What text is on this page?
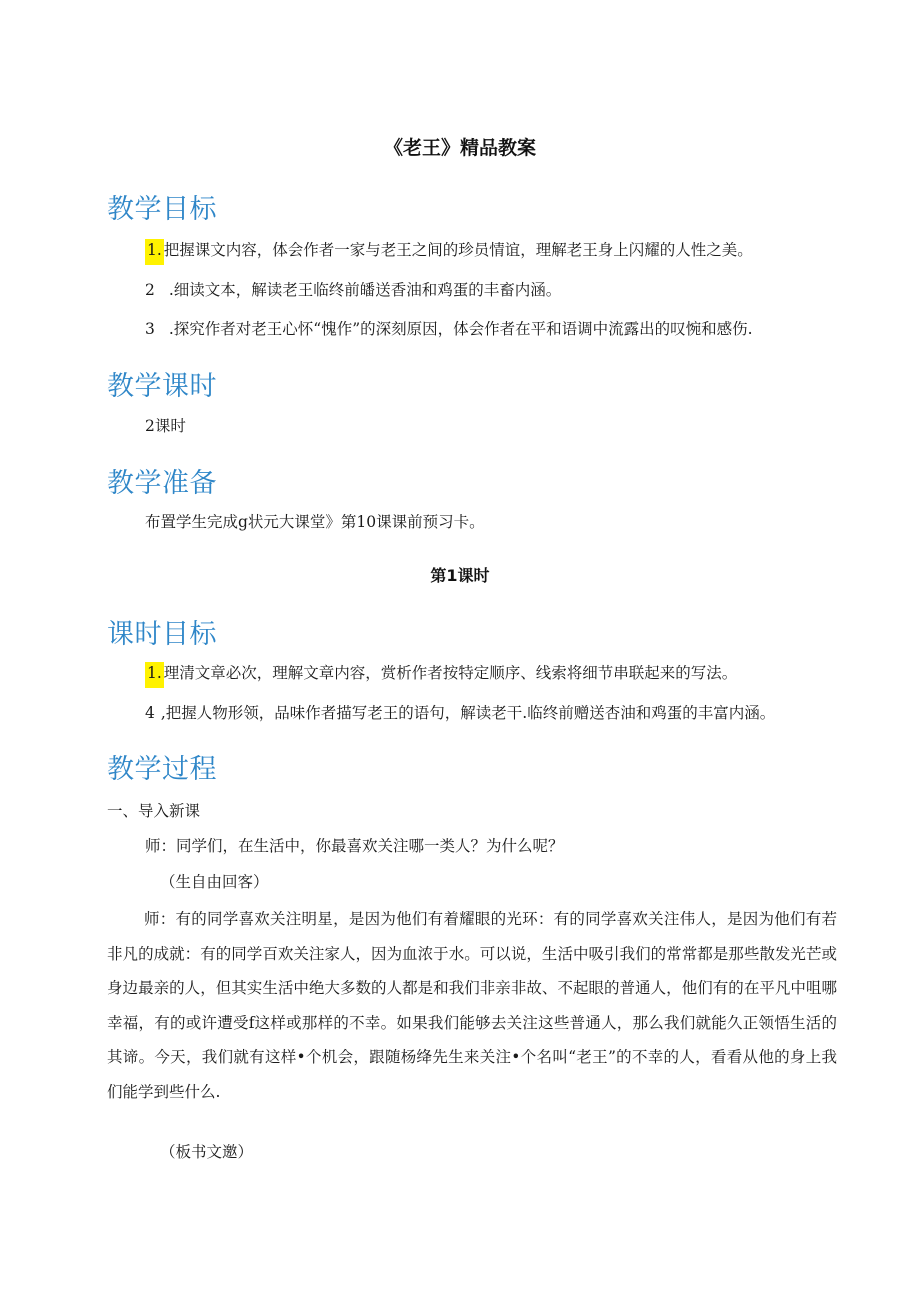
《老王》精品教案
教学目标
1. 把握课文内容，体会作者一家与老王之间的珍员情谊，理解老王身上闪耀的人性之美。
2 .细读文本，解读老王临终前皤送香油和鸡蛋的丰畜内涵。
3 .探究作者对老王心怀“愧作”的深刻原因，体会作者在平和语调中流露出的叹惋和感伤.
教学课时
2课时
教学准备
布置学生完成g状元大课堂》第10课课前预习卡。
第1课时
课时目标
1. 理清文章必次，理解文章内容，赏析作者按特定顺序、线索将细节串联起来的写法。
4 ,把握人物形领，品味作者描写老王的语句，解读老干.临终前赠送杏油和鸡蛋的丰富内涵。
教学过程
一、导入新课
师：同学们，在生活中，你最喜欢关注哪一类人？为什么呢？
（生自由回客）
师：有的同学喜欢关注明星，是因为他们有着耀眼的光环：有的同学喜欢关注伟人，是因为他们有若非凡的成就：有的同学百欢关注家人，因为血浓于水。可以说，生活中吸引我们的常常都是那些散发光芒或身边最亲的人，但其实生活中绝大多数的人都是和我们非亲非故、不起眼的普通人，他们有的在平凡中咀哪幸福，有的或许遭受f这样或那样的不幸。如果我们能够去关注这些普通人，那么我们就能久正领悟生活的其谛。今天，我们就有这样•个机会，跟随杨绛先生来关注•个名叫“老王”的不幸的人，看看从他的身上我们能学到些什么.
（板书文邀）
